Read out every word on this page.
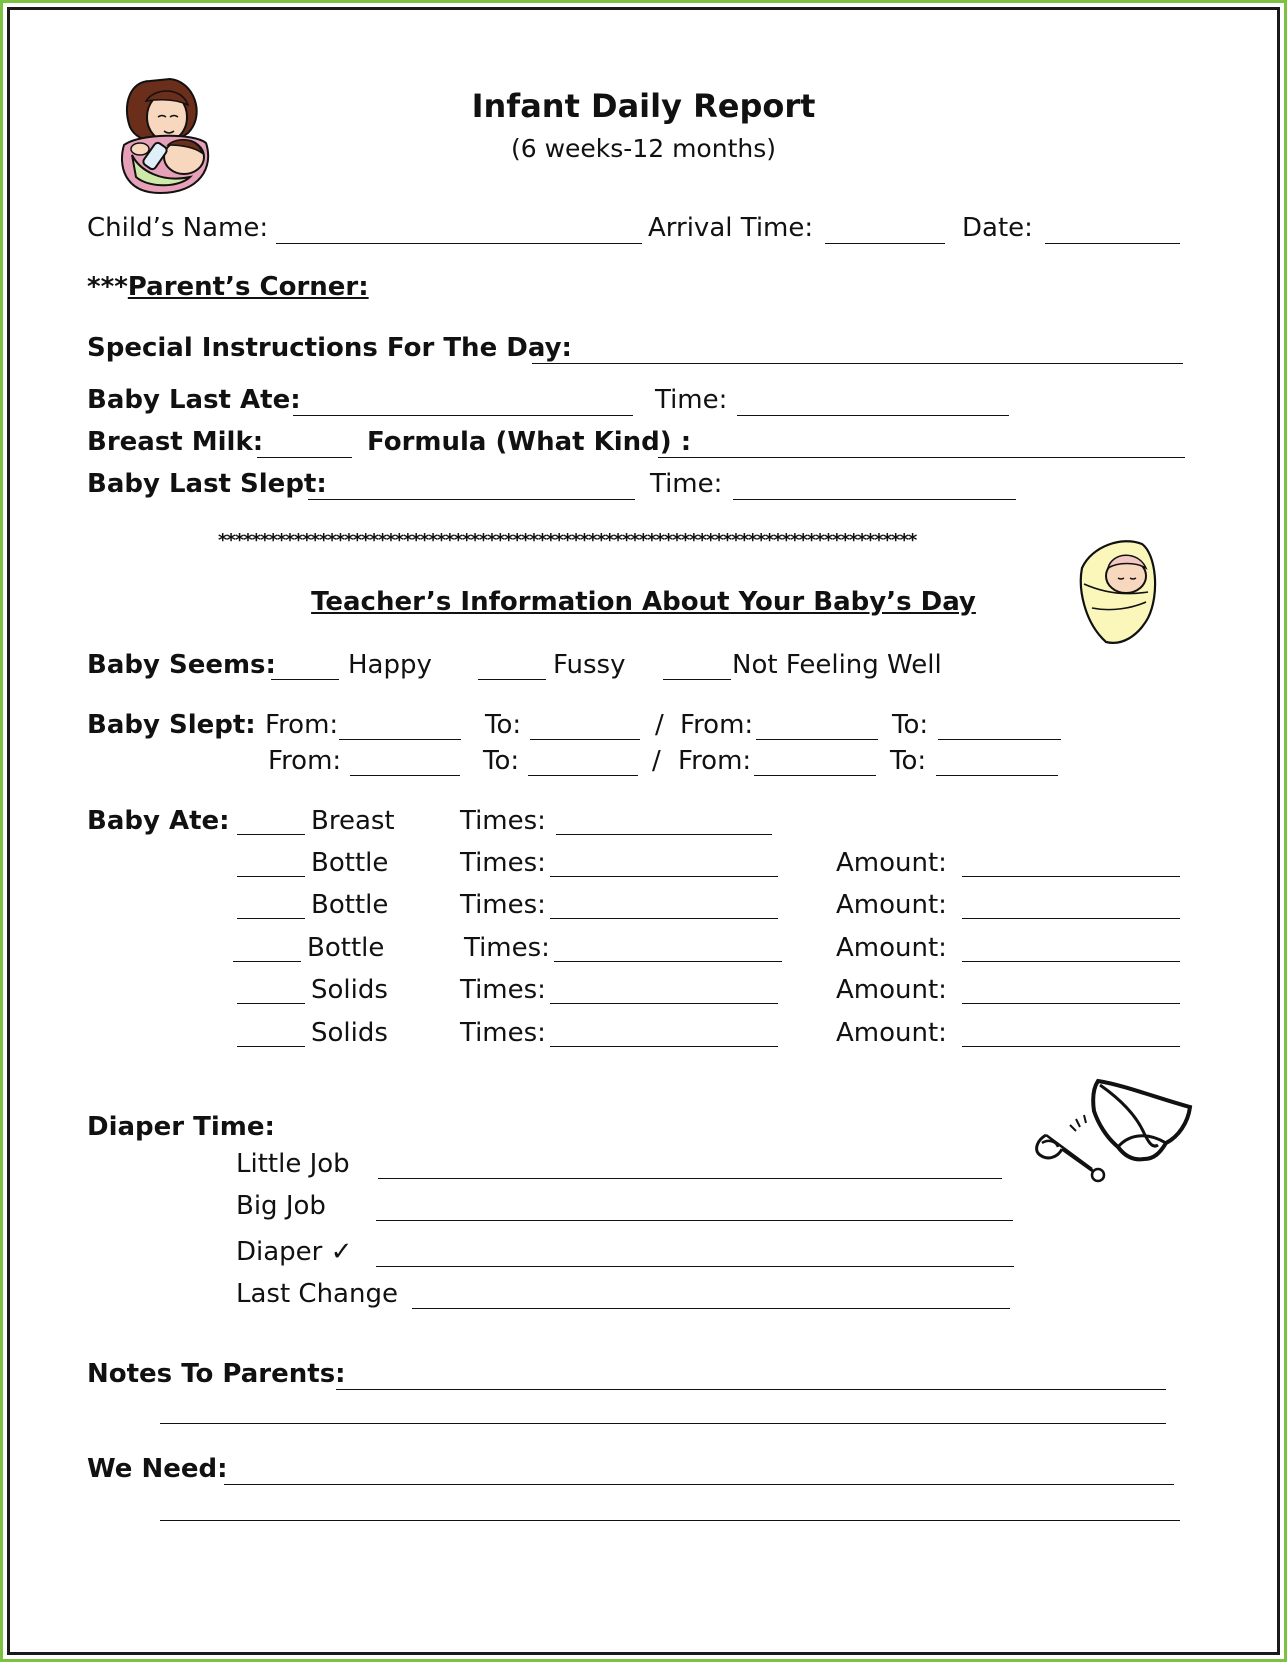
Infant Daily Report
(6 weeks-12 months)
Child’s Name:	Arrival Time:	Date:
***Parent’s Corner:
Special Instructions For The Day:
Baby Last Ate:	Time:
Breast Milk:	Formula (What Kind) :
Baby Last Slept:	Time:
***********************************************************************************
Teacher’s Information About Your Baby’s Day
Baby Seems:	Happy	Fussy	Not Feeling Well
Baby Slept: From:	To:	/ From:	To:
From:	To:	/ From:	To:
Baby Ate:	Breast	Times:
Bottle	Times:	Amount:
Bottle	Times:	Amount:
Bottle	Times:	Amount:
Solids	Times:	Amount:
Solids	Times:	Amount:
Diaper Time:
Little Job
Big Job
Diaper ✓
Last Change
Notes To Parents:
We Need:
